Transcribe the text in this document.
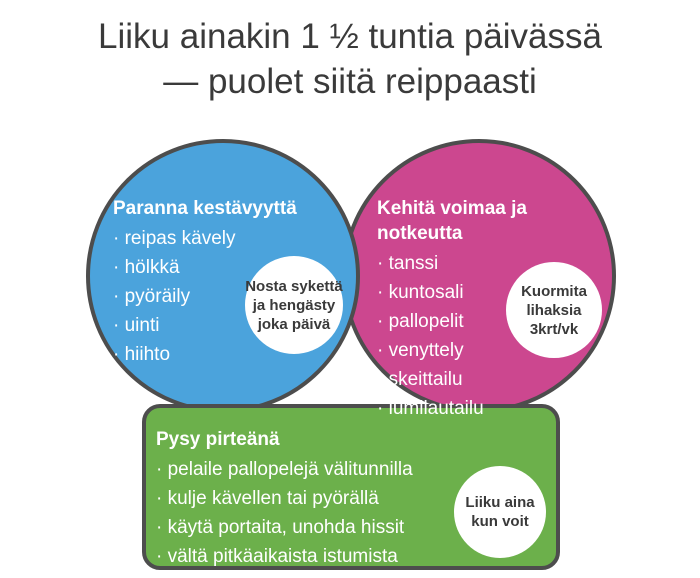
Liiku ainakin 1 ½ tuntia päivässä
— puolet siitä reippaasti

Paranna kestävyyttä

· reipas kävely
· hölkkä
· pyöräily
· uinti
· hiihto

Kehitä voimaa ja notkeutta

· tanssi
· kuntosali
· pallopelit
· venyttely
· skeittailu
· lumilautailu

Pysy pirteänä

· pelaile pallopelejä välitunnilla
· kulje kävellen tai pyörällä
· käytä portaita, unohda hissit
· vältä pitkäaikaista istumista
Nosta sykettä ja hengästy joka päivä
Kuormita lihaksia 3krt/vk
Liiku aina kun voit
